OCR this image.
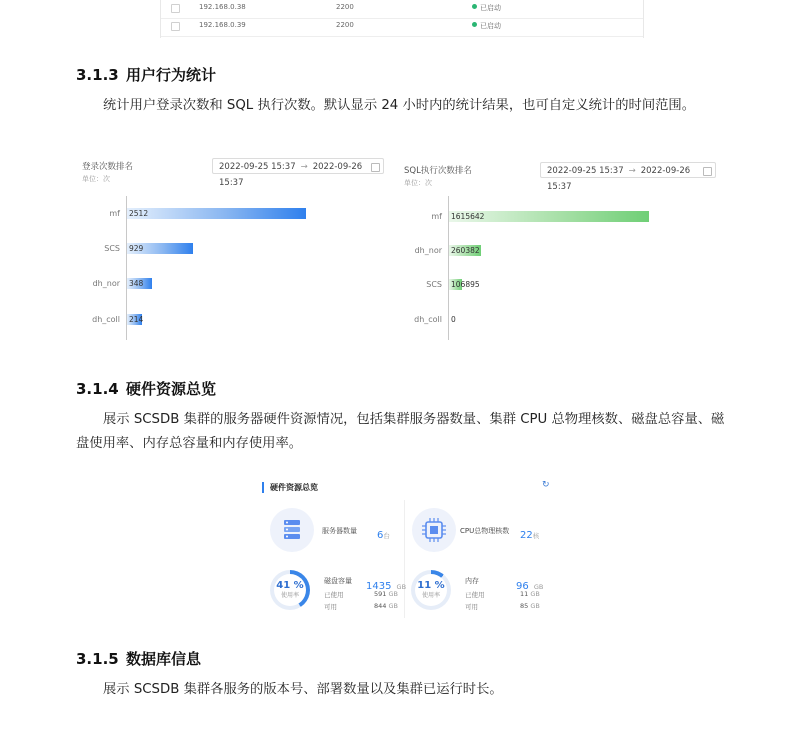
192.168.0.38	2200	已启动
192.168.0.39	2200	已启动
3.1.3 用户行为统计
统计用户登录次数和 SQL 执行次数。默认显示 24 小时内的统计结果，也可自定义统计的时间范围。
登录次数排名
单位：次
2022-09-25 15:37 → 2022-09-26 15:37
mf 2512
SCS 929
dh_nor 348
dh_coll 214
SQL执行次数排名
单位：次
2022-09-25 15:37 → 2022-09-26 15:37
mf 1615642
dh_nor 260382
SCS 106895
dh_coll 0
3.1.4 硬件资源总览
展示 SCSDB 集群的服务器硬件资源情况，包括集群服务器数量、集群 CPU 总物理核数、磁盘总容量、磁盘使用率、内存总容量和内存使用率。
硬件资源总览	↻
服务器数量 6台
CPU总物理核数 22核
41 %
使用率
磁盘容量 1435 GB
已使用	591 GB
可用	844 GB
11 %
使用率
内存	96 GB
已使用	11 GB
可用	85 GB
3.1.5 数据库信息
展示 SCSDB 集群各服务的版本号、部署数量以及集群已运行时长。
